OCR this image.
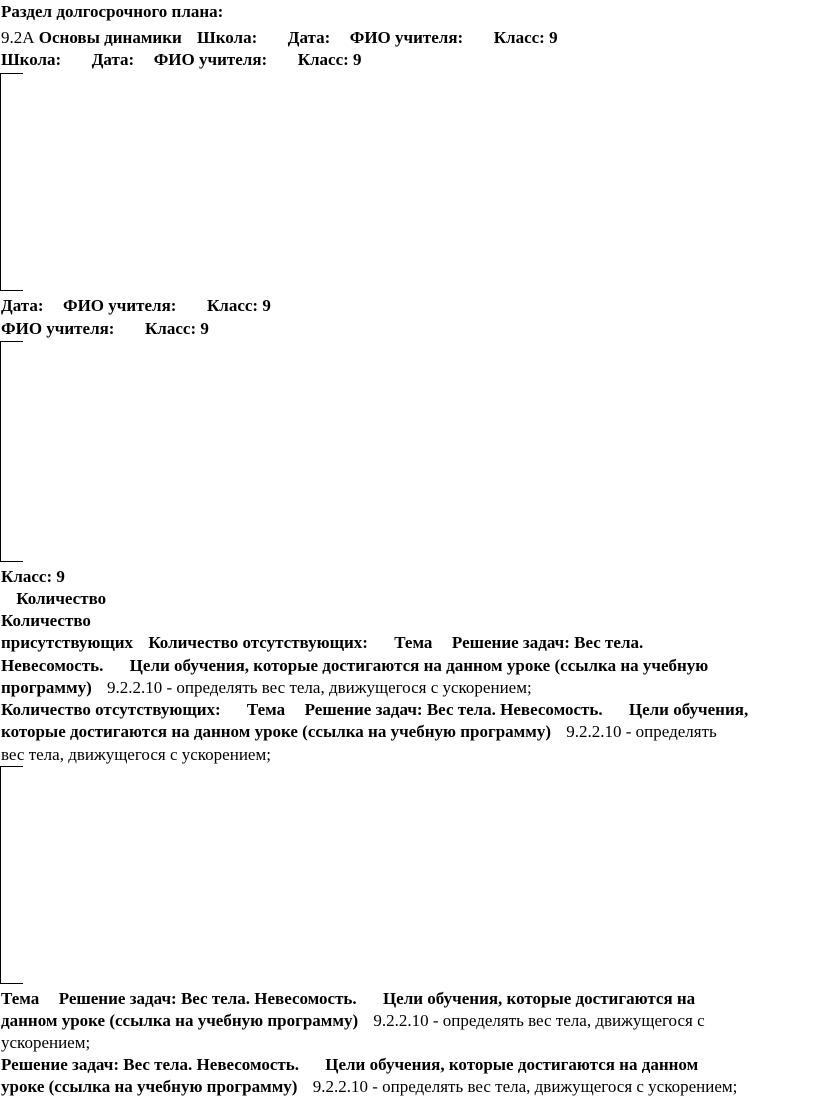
Раздел долгосрочного плана:
9.2А Основы динамики Школа: Дата: ФИО учителя: Класс: 9
Школа: Дата: ФИО учителя: Класс: 9
Дата: ФИО учителя: Класс: 9
ФИО учителя: Класс: 9
Класс: 9
Количество
Количество
присутствующих Количество отсутствующих: Тема Решение задач: Вес тела.
Невесомость. Цели обучения, которые достигаются на данном уроке (ссылка на учебную
программу) 9.2.2.10 - определять вес тела, движущегося с ускорением;
Количество отсутствующих: Тема Решение задач: Вес тела. Невесомость. Цели обучения,
которые достигаются на данном уроке (ссылка на учебную программу) 9.2.2.10 - определять
вес тела, движущегося с ускорением;
Тема Решение задач: Вес тела. Невесомость. Цели обучения, которые достигаются на
данном уроке (ссылка на учебную программу) 9.2.2.10 - определять вес тела, движущегося с
ускорением;
Решение задач: Вес тела. Невесомость. Цели обучения, которые достигаются на данном
уроке (ссылка на учебную программу) 9.2.2.10 - определять вес тела, движущегося с ускорением;
